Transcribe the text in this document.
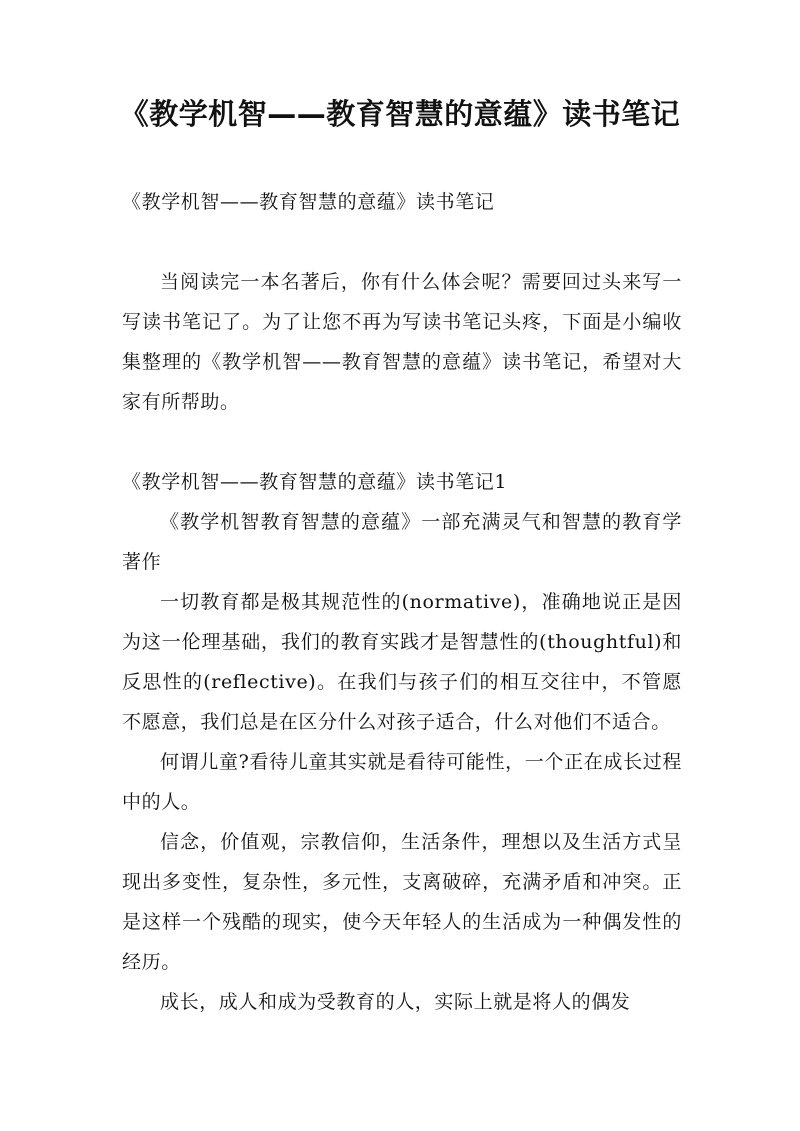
《教学机智——教育智慧的意蕴》读书笔记

《教学机智——教育智慧的意蕴》读书笔记

当阅读完一本名著后，你有什么体会呢？需要回过头来写一写读书笔记了。为了让您不再为写读书笔记头疼，下面是小编收集整理的《教学机智——教育智慧的意蕴》读书笔记，希望对大家有所帮助。

《教学机智——教育智慧的意蕴》读书笔记1

《教学机智教育智慧的意蕴》一部充满灵气和智慧的教育学著作

一切教育都是极其规范性的(normative)，准确地说正是因为这一伦理基础，我们的教育实践才是智慧性的(thoughtful)和反思性的(reflective)。在我们与孩子们的相互交往中，不管愿不愿意，我们总是在区分什么对孩子适合，什么对他们不适合。

何谓儿童?看待儿童其实就是看待可能性，一个正在成长过程中的人。

信念，价值观，宗教信仰，生活条件，理想以及生活方式呈现出多变性，复杂性，多元性，支离破碎，充满矛盾和冲突。正是这样一个残酷的现实，使今天年轻人的生活成为一种偶发性的经历。

成长，成人和成为受教育的人，实际上就是将人的偶发
